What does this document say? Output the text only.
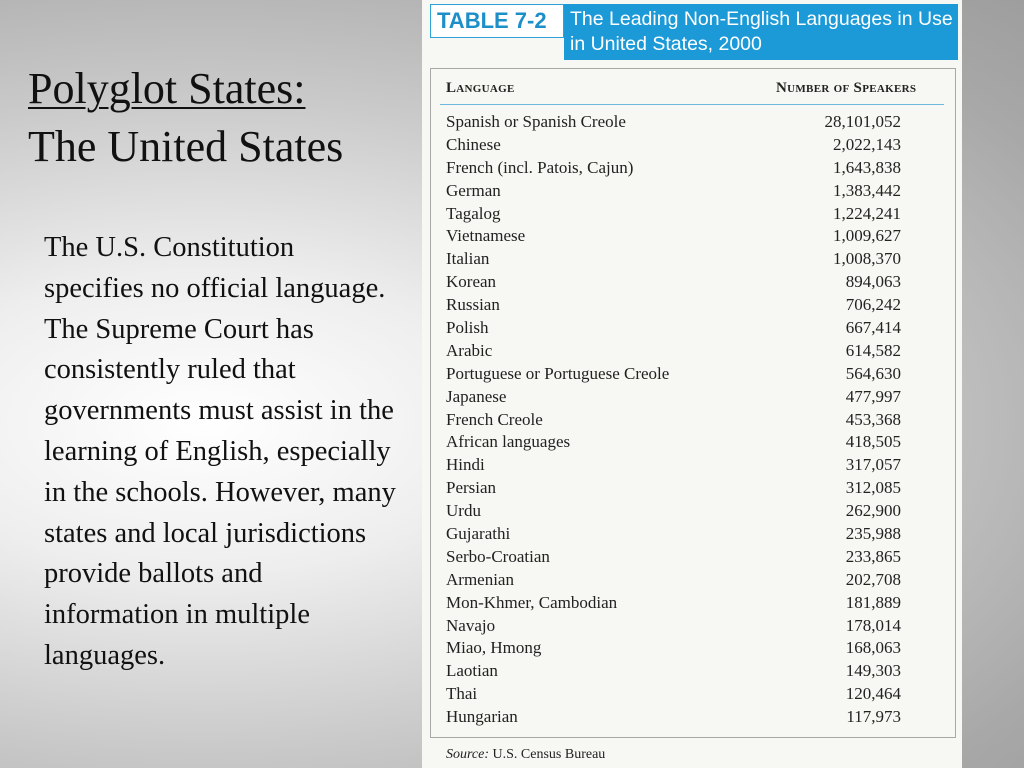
Polyglot States:
The United States

The U.S. Constitution specifies no official language. The Supreme Court has consistently ruled that governments must assist in the learning of English, especially in the schools. However, many states and local jurisdictions provide ballots and information in multiple languages.

TABLE 7-2	The Leading Non-English Languages in Use in United States, 2000
Language	Number of Speakers
Spanish or Spanish Creole	28,101,052
Chinese	2,022,143
French (incl. Patois, Cajun)	1,643,838
German	1,383,442
Tagalog	1,224,241
Vietnamese	1,009,627
Italian	1,008,370
Korean	894,063
Russian	706,242
Polish	667,414
Arabic	614,582
Portuguese or Portuguese Creole	564,630
Japanese	477,997
French Creole	453,368
African languages	418,505
Hindi	317,057
Persian	312,085
Urdu	262,900
Gujarathi	235,988
Serbo-Croatian	233,865
Armenian	202,708
Mon-Khmer, Cambodian	181,889
Navajo	178,014
Miao, Hmong	168,063
Laotian	149,303
Thai	120,464
Hungarian	117,973
Source: U.S. Census Bureau
